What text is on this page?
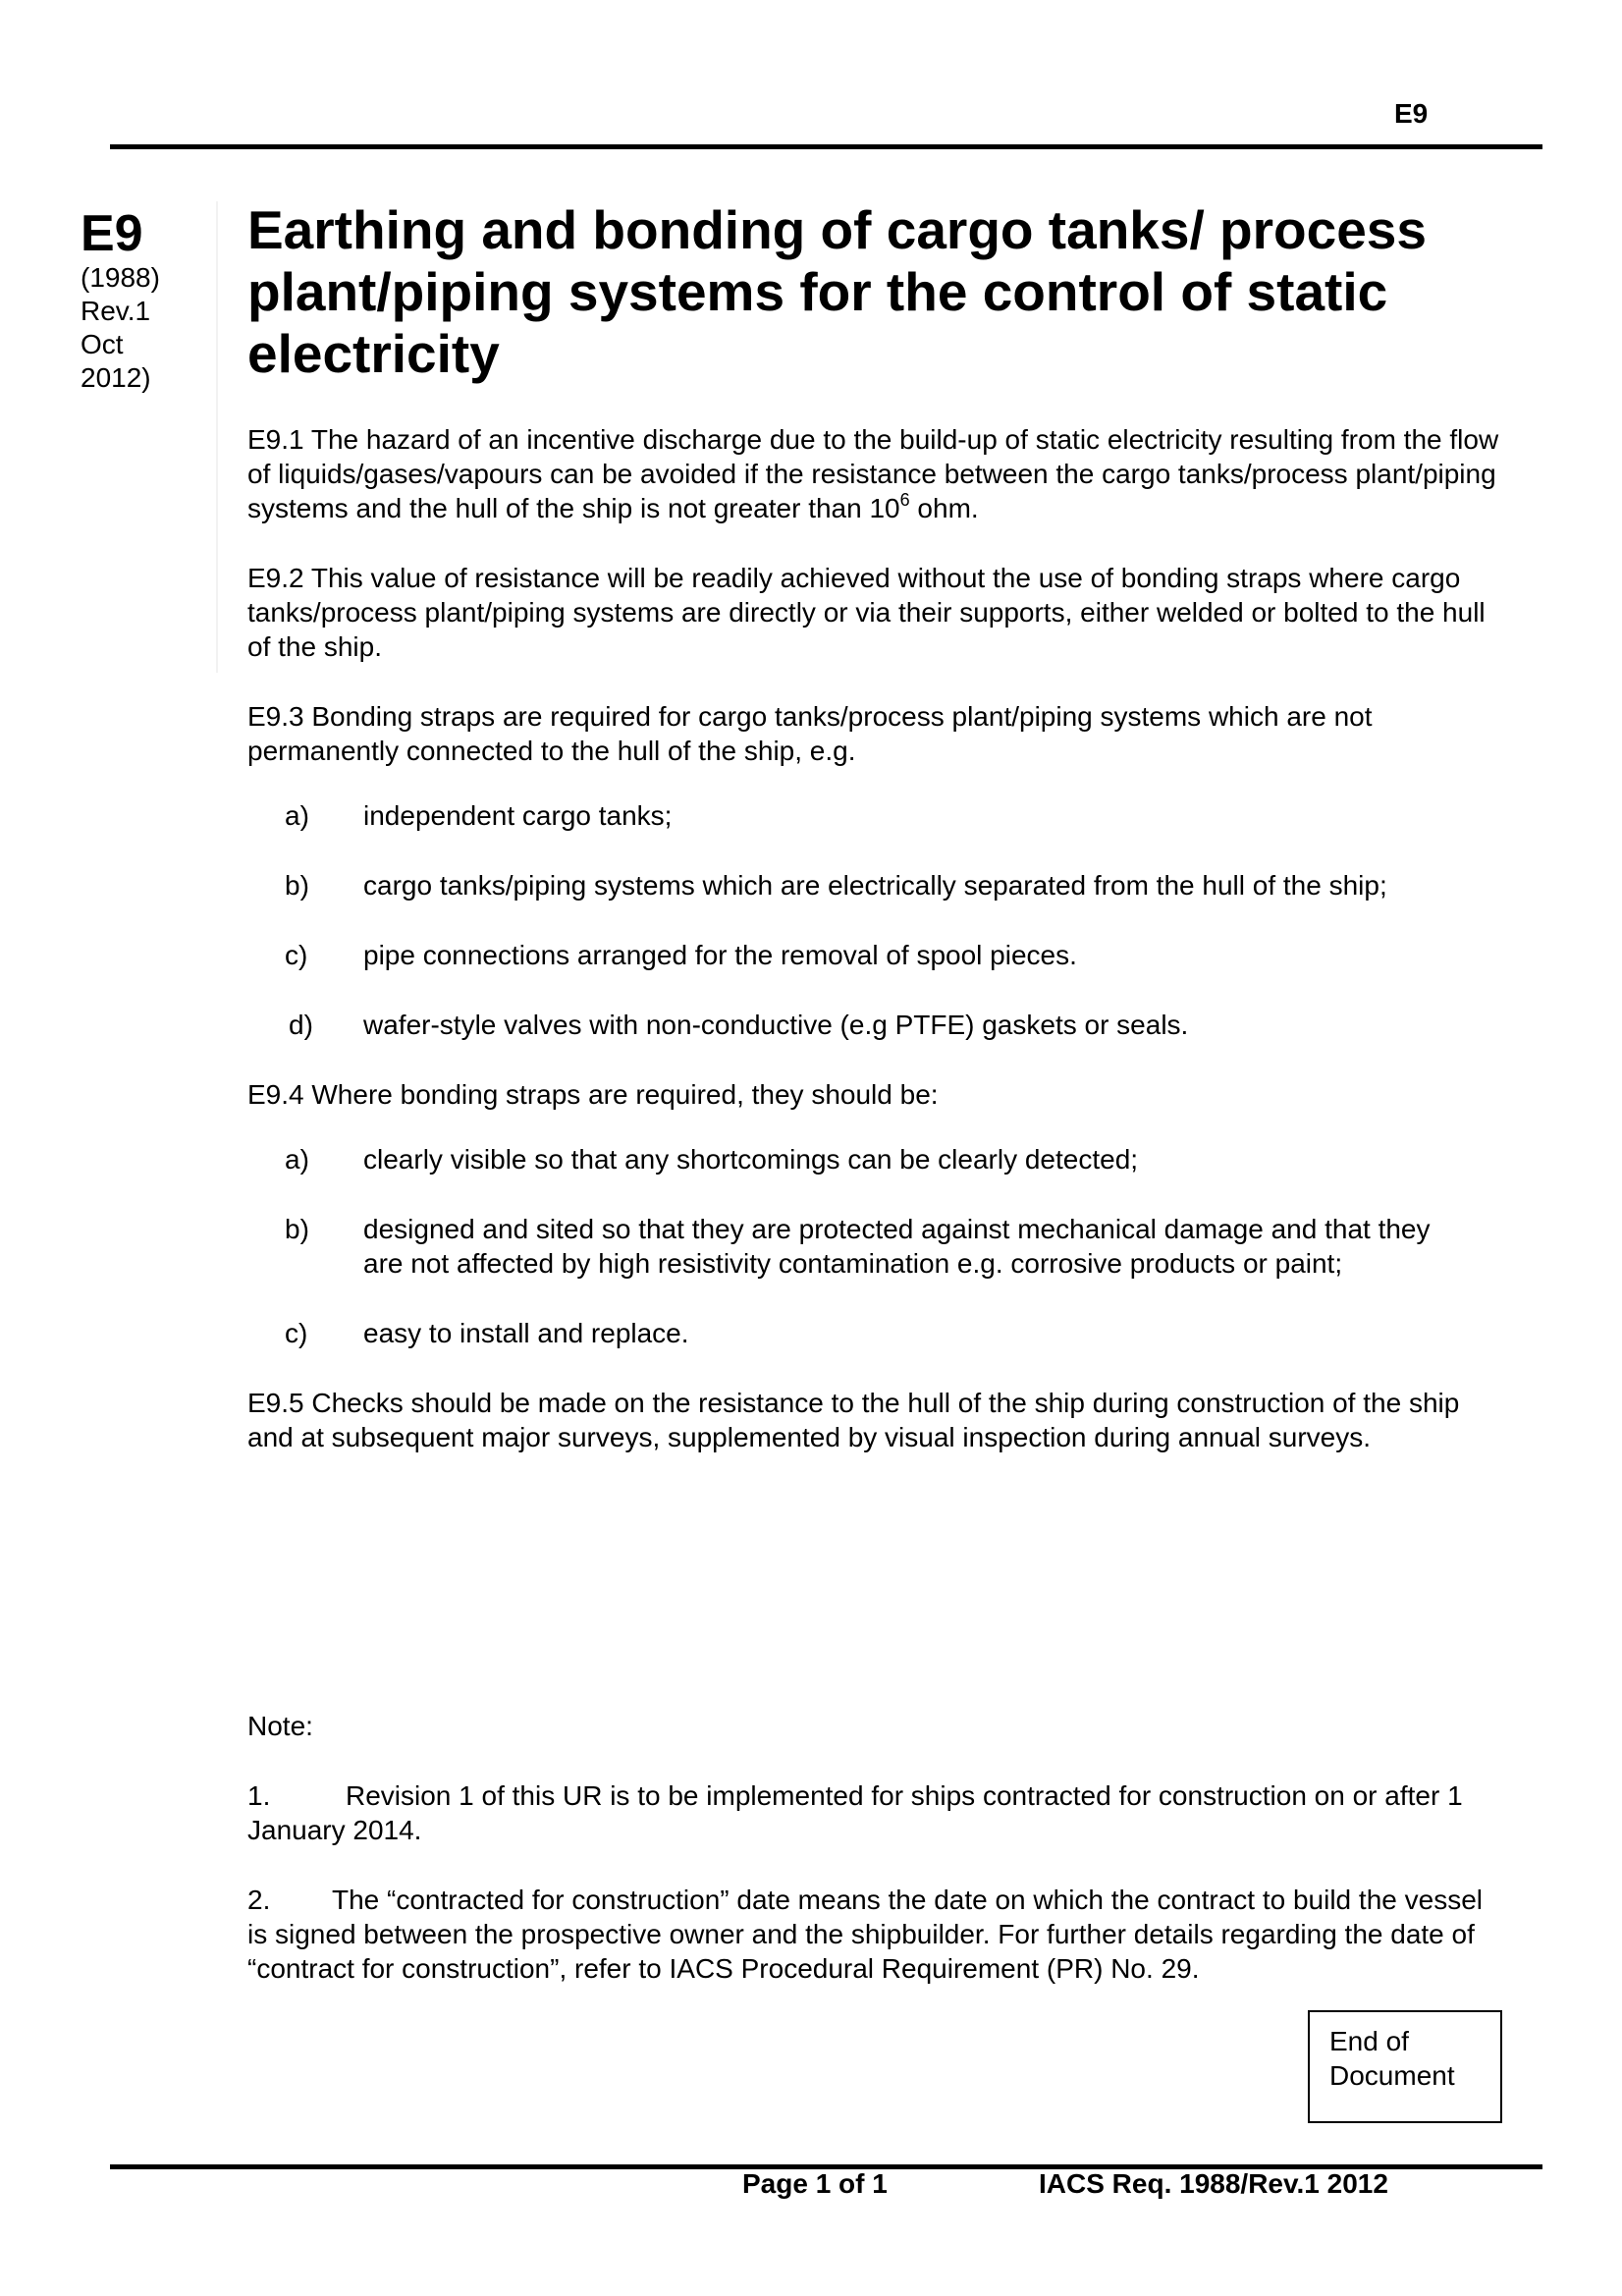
E9
E9
(1988)
Rev.1
Oct
2012)
Earthing and bonding of cargo tanks/ process plant/piping systems for the control of static electricity

E9.1 The hazard of an incentive discharge due to the build-up of static electricity resulting from the flow of liquids/gases/vapours can be avoided if the resistance between the cargo tanks/process plant/piping systems and the hull of the ship is not greater than $10^6$ ohm.

E9.2 This value of resistance will be readily achieved without the use of bonding straps where cargo tanks/process plant/piping systems are directly or via their supports, either welded or bolted to the hull of the ship.

E9.3 Bonding straps are required for cargo tanks/process plant/piping systems which are not permanently connected to the hull of the ship, e.g.

a)	independent cargo tanks;
b)	cargo tanks/piping systems which are electrically separated from the hull of the ship;
c)	pipe connections arranged for the removal of spool pieces.
d)	wafer-style valves with non-conductive (e.g PTFE) gaskets or seals.

E9.4 Where bonding straps are required, they should be:

a)	clearly visible so that any shortcomings can be clearly detected;
b)	designed and sited so that they are protected against mechanical damage and that they are not affected by high resistivity contamination e.g. corrosive products or paint;
c)	easy to install and replace.

E9.5 Checks should be made on the resistance to the hull of the ship during construction of the ship and at subsequent major surveys, supplemented by visual inspection during annual surveys.

Note:
1.	Revision 1 of this UR is to be implemented for ships contracted for construction on or after 1 January 2014.
2. The “contracted for construction” date means the date on which the contract to build the vessel is signed between the prospective owner and the shipbuilder. For further details regarding the date of “contract for construction”, refer to IACS Procedural Requirement (PR) No. 29.
End of
Document
Page 1 of 1	IACS Req. 1988/Rev.1 2012
